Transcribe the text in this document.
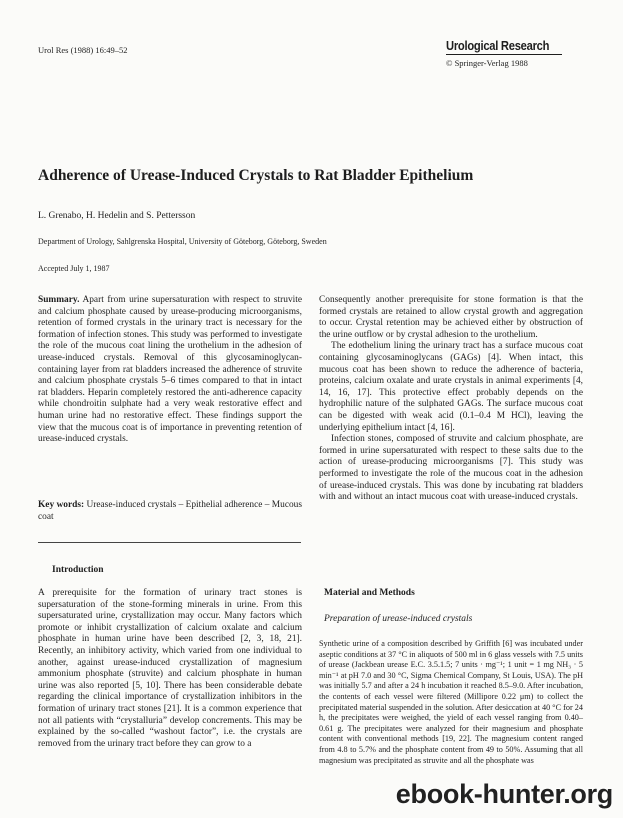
Urol Res (1988) 16:49–52	Urological Research
© Springer-Verlag 1988
Adherence of Urease-Induced Crystals to Rat Bladder Epithelium
L. Grenabo, H. Hedelin and S. Pettersson
Department of Urology, Sahlgrenska Hospital, University of Göteborg, Göteborg, Sweden
Accepted July 1, 1987

Summary. Apart from urine supersaturation with respect to struvite and calcium phosphate caused by urease-producing microorganisms, retention of formed crystals in the urinary tract is necessary for the formation of infection stones. This study was performed to investigate the role of the mucous coat lining the urothelium in the adhesion of urease-induced crystals. Removal of this glycosaminoglycan-containing layer from rat bladders increased the adherence of struvite and calcium phosphate crystals 5–6 times compared to that in intact rat bladders. Heparin completely restored the anti-adherence capacity while chondroitin sulphate had a very weak restorative effect and human urine had no restorative effect. These findings support the view that the mucous coat is of importance in preventing retention of urease-induced crystals.

Key words: Urease-induced crystals – Epithelial adherence – Mucous coat

Introduction

A prerequisite for the formation of urinary tract stones is supersaturation of the stone-forming minerals in urine. From this supersaturated urine, crystallization may occur. Many factors which promote or inhibit crystallization of calcium oxalate and calcium phosphate in human urine have been described [2, 3, 18, 21]. Recently, an inhibitory activity, which varied from one individual to another, against urease-induced crystallization of magnesium ammonium phosphate (struvite) and calcium phosphate in human urine was also reported [5, 10]. There has been considerable debate regarding the clinical importance of crystallization inhibitors in the formation of urinary tract stones [21]. It is a common experience that not all patients with “crystalluria” develop concrements. This may be explained by the so-called “washout factor”, i.e. the crystals are removed from the urinary tract before they can grow to a

Consequently another prerequisite for stone formation is that the formed crystals are retained to allow crystal growth and aggregation to occur. Crystal retention may be achieved either by obstruction of the urine outflow or by crystal adhesion to the urothelium.

The edothelium lining the urinary tract has a surface mucous coat containing glycosaminoglycans (GAGs) [4]. When intact, this mucous coat has been shown to reduce the adherence of bacteria, proteins, calcium oxalate and urate crystals in animal experiments [4, 14, 16, 17]. This protective effect probably depends on the hydrophilic nature of the sulphated GAGs. The surface mucous coat can be digested with weak acid (0.1–0.4 M HCl), leaving the underlying epithelium intact [4, 16].

Infection stones, composed of struvite and calcium phosphate, are formed in urine supersaturated with respect to these salts due to the action of urease-producing microorganisms [7]. This study was performed to investigate the role of the mucous coat in the adhesion of urease-induced crystals. This was done by incubating rat bladders with and without an intact mucous coat with urease-induced crystals.

Material and Methods
Preparation of urease-induced crystals

Synthetic urine of a composition described by Griffith [6] was incubated under aseptic conditions at 37 °C in aliquots of 500 ml in 6 glass vessels with 7.5 units of urease (Jackbean urease E.C. 3.5.1.5; 7 units · mg⁻¹; 1 unit = 1 mg NH₃ · 5 min⁻¹ at pH 7.0 and 30 °C, Sigma Chemical Company, St Louis, USA). The pH was initially 5.7 and after a 24 h incubation it reached 8.5–9.0. After incubation, the contents of each vessel were filtered (Millipore 0.22 μm) to collect the precipitated material suspended in the solution. After desiccation at 40 °C for 24 h, the precipitates were weighed, the yield of each vessel ranging from 0.40–0.61 g. The precipitates were analyzed for their magnesium and phosphate content with conventional methods [19, 22]. The magnesium content ranged from 4.8 to 5.7% and the phosphate content from 49 to 50%. Assuming that all magnesium was precipitated as struvite and all the phosphate was

ebook-hunter.org
